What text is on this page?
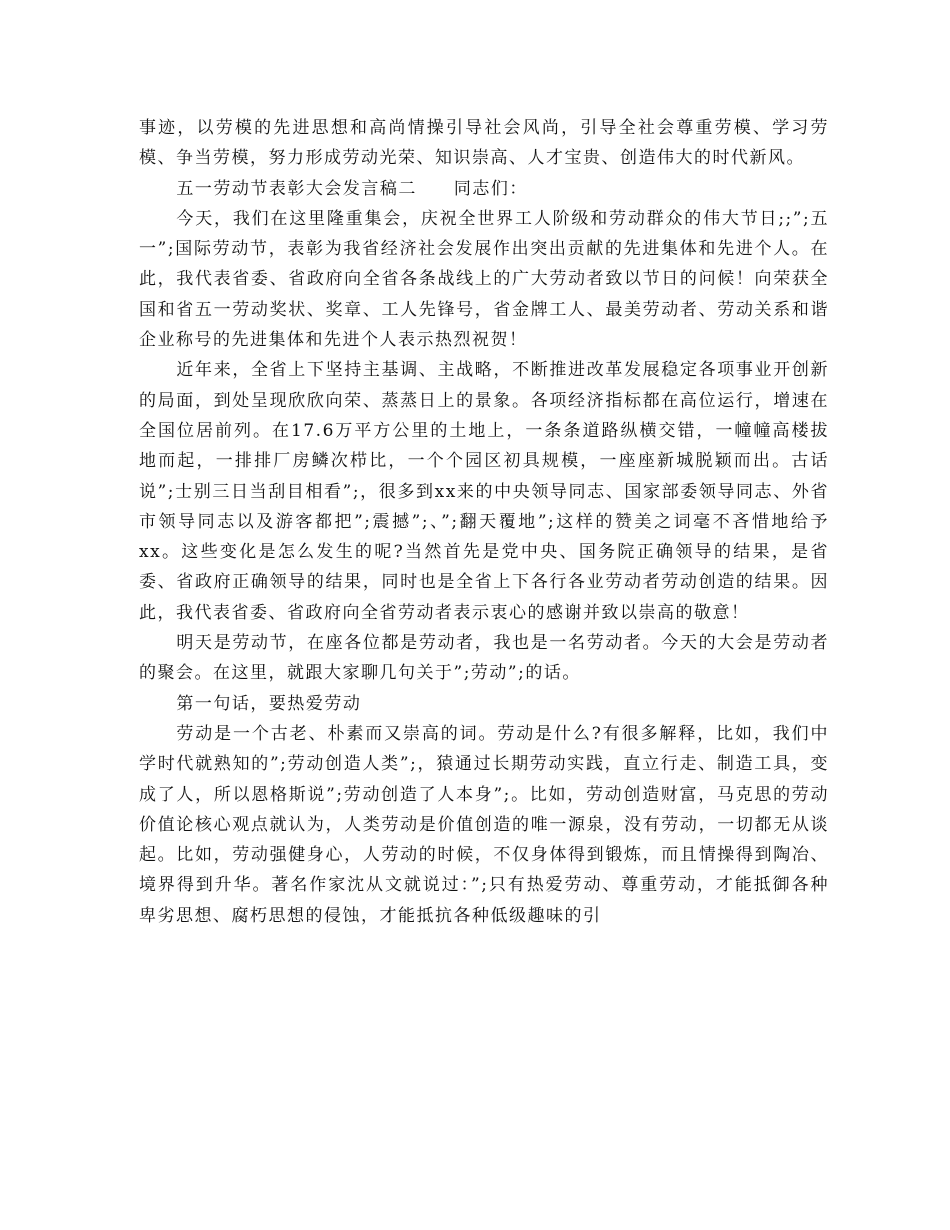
事迹，以劳模的先进思想和高尚情操引导社会风尚，引导全社会尊重劳模、学习劳模、争当劳模，努力形成劳动光荣、知识崇高、人才宝贵、创造伟大的时代新风。

五一劳动节表彰大会发言稿二　　同志们：

今天，我们在这里隆重集会，庆祝全世界工人阶级和劳动群众的伟大节日;;”;五一”;国际劳动节，表彰为我省经济社会发展作出突出贡献的先进集体和先进个人。在此，我代表省委、省政府向全省各条战线上的广大劳动者致以节日的问候！向荣获全国和省五一劳动奖状、奖章、工人先锋号，省金牌工人、最美劳动者、劳动关系和谐企业称号的先进集体和先进个人表示热烈祝贺！

近年来，全省上下坚持主基调、主战略，不断推进改革发展稳定各项事业开创新的局面，到处呈现欣欣向荣、蒸蒸日上的景象。各项经济指标都在高位运行，增速在全国位居前列。在17.6万平方公里的土地上，一条条道路纵横交错，一幢幢高楼拔地而起，一排排厂房鳞次栉比，一个个园区初具规模，一座座新城脱颖而出。古话说”;士别三日当刮目相看”;，很多到xx来的中央领导同志、国家部委领导同志、外省市领导同志以及游客都把”;震撼”;、”;翻天覆地”;这样的赞美之词毫不吝惜地给予xx。这些变化是怎么发生的呢?当然首先是党中央、国务院正确领导的结果，是省委、省政府正确领导的结果，同时也是全省上下各行各业劳动者劳动创造的结果。因此，我代表省委、省政府向全省劳动者表示衷心的感谢并致以崇高的敬意！

明天是劳动节，在座各位都是劳动者，我也是一名劳动者。今天的大会是劳动者的聚会。在这里，就跟大家聊几句关于”;劳动”;的话。

第一句话，要热爱劳动

劳动是一个古老、朴素而又崇高的词。劳动是什么?有很多解释，比如，我们中学时代就熟知的”;劳动创造人类”;，猿通过长期劳动实践，直立行走、制造工具，变成了人，所以恩格斯说”;劳动创造了人本身”;。比如，劳动创造财富，马克思的劳动价值论核心观点就认为，人类劳动是价值创造的唯一源泉，没有劳动，一切都无从谈起。比如，劳动强健身心，人劳动的时候，不仅身体得到锻炼，而且情操得到陶冶、境界得到升华。著名作家沈从文就说过：”;只有热爱劳动、尊重劳动，才能抵御各种卑劣思想、腐朽思想的侵蚀，才能抵抗各种低级趣味的引
